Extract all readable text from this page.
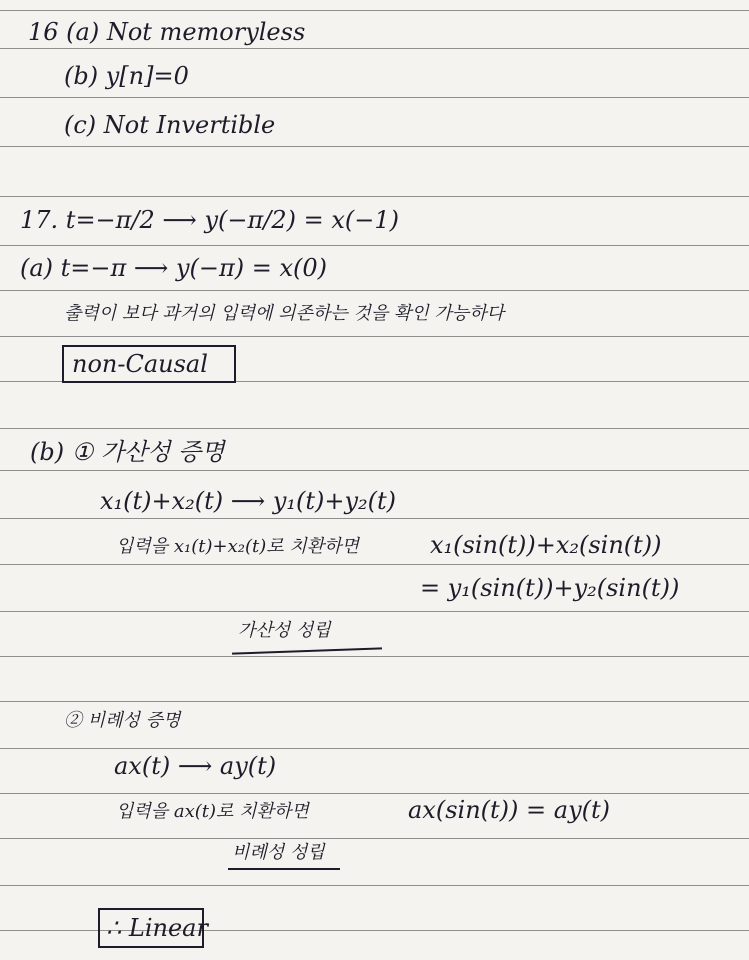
16 (a) Not memoryless
(b) y[n]=0
(c) Not Invertible
17. t=−π/2 ⟶ y(−π/2) = x(−1)
(a) t=−π ⟶ y(−π) = x(0)
출력이 보다 과거의 입력에 의존하는 것을 확인 가능하다
non-Causal
(b) ① 가산성 증명
x₁(t)+x₂(t) ⟶ y₁(t)+y₂(t)
입력을 x₁(t)+x₂(t)로 치환하면	x₁(sin(t))+x₂(sin(t))
= y₁(sin(t))+y₂(sin(t))
가산성 성립
② 비례성 증명
ax(t) ⟶ ay(t)
입력을 ax(t)로 치환하면	ax(sin(t)) = ay(t)
비례성 성립
∴ Linear
